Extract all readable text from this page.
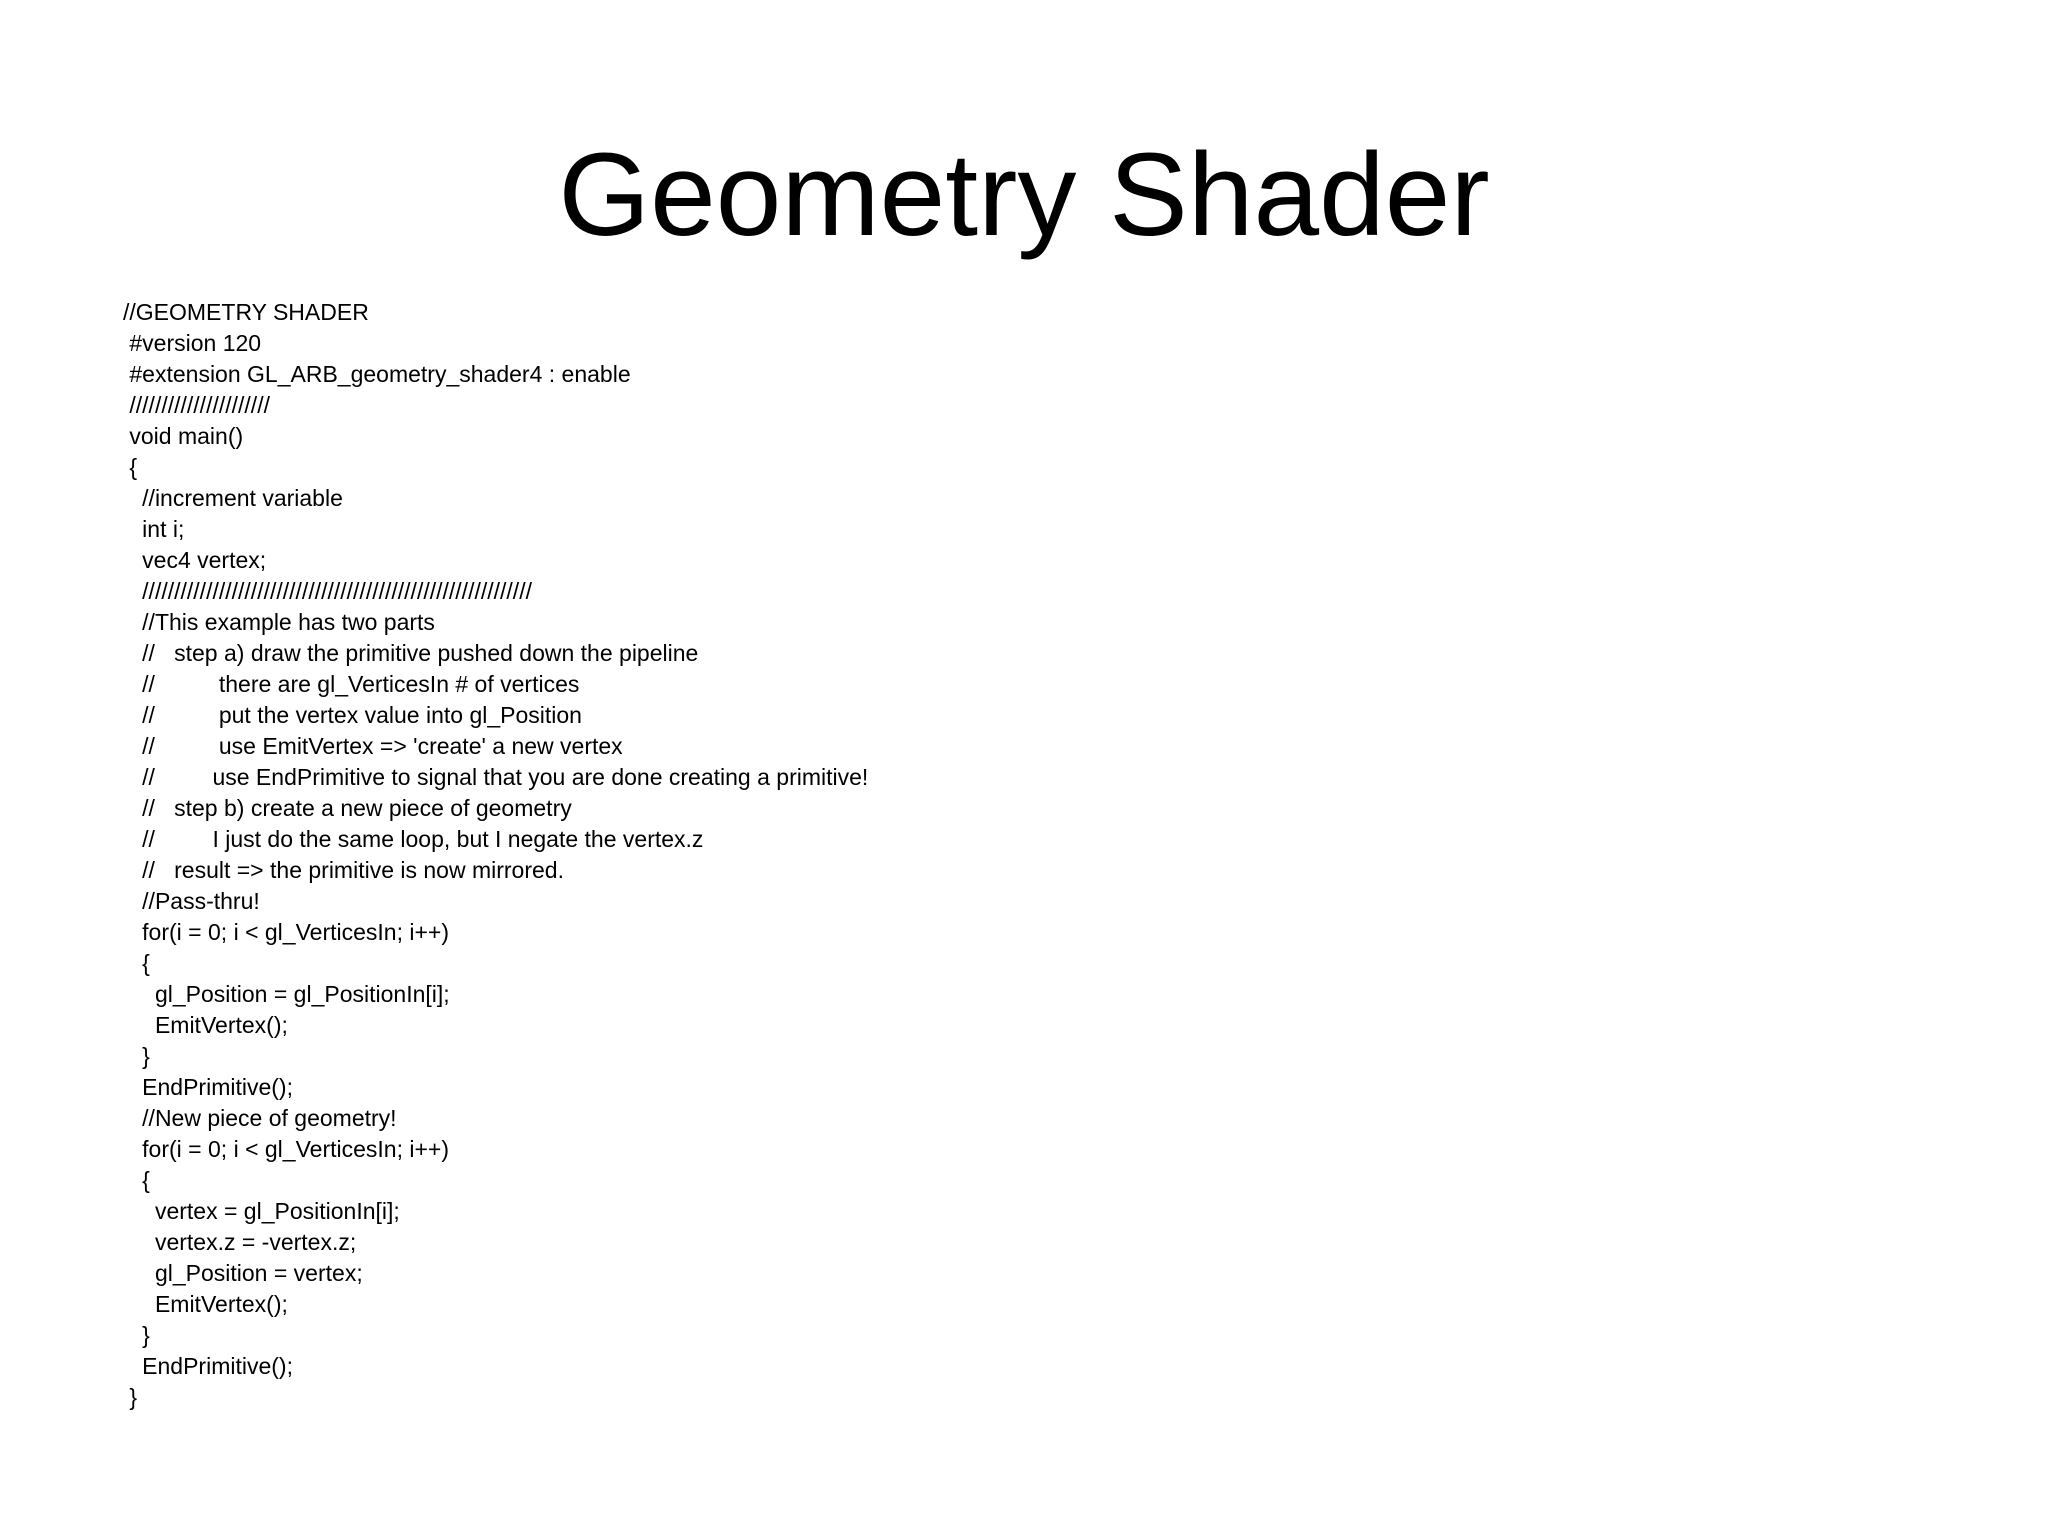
Geometry Shader
//GEOMETRY SHADER
#version 120
#extension GL_ARB_geometry_shader4 : enable
//////////////////////
void main()
{
//increment variable
int i;
vec4 vertex;
/////////////////////////////////////////////////////////////
//This example has two parts
//   step a) draw the primitive pushed down the pipeline
//          there are gl_VerticesIn # of vertices
//          put the vertex value into gl_Position
//          use EmitVertex => 'create' a new vertex
//         use EndPrimitive to signal that you are done creating a primitive!
//   step b) create a new piece of geometry
//         I just do the same loop, but I negate the vertex.z
//   result => the primitive is now mirrored.
//Pass-thru!
for(i = 0; i < gl_VerticesIn; i++)
{
gl_Position = gl_PositionIn[i];
EmitVertex();
}
EndPrimitive();
//New piece of geometry!
for(i = 0; i < gl_VerticesIn; i++)
{
vertex = gl_PositionIn[i];
vertex.z = -vertex.z;
gl_Position = vertex;
EmitVertex();
}
EndPrimitive();
}
